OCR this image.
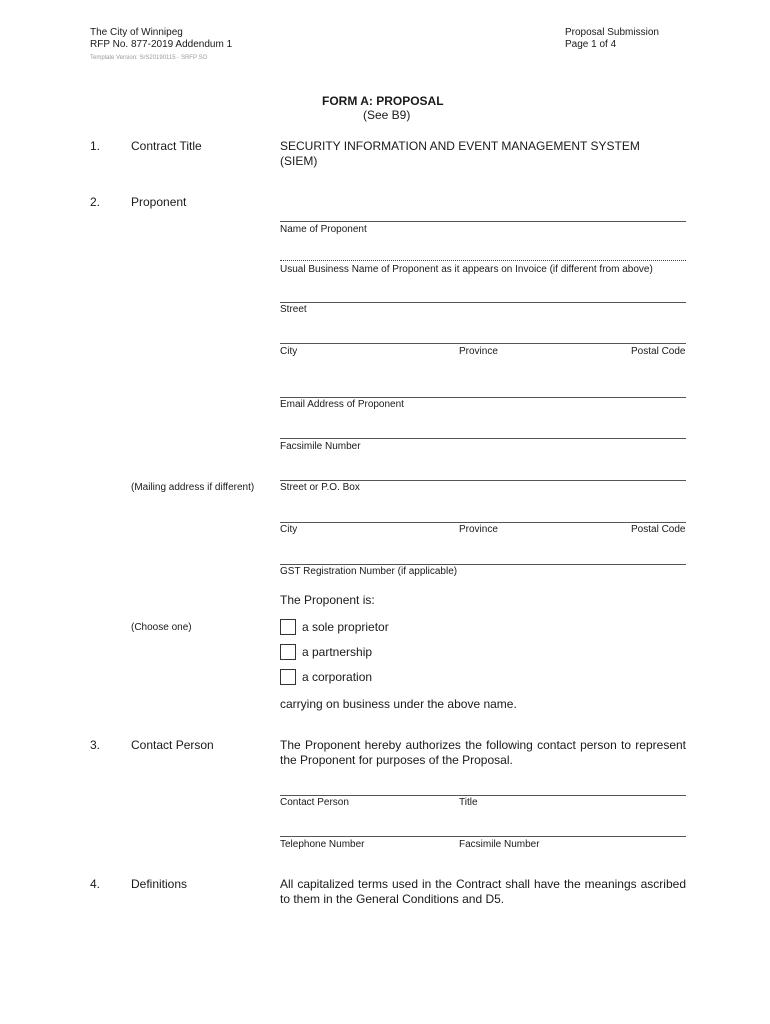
The City of Winnipeg
RFP No. 877-2019 Addendum 1
Template Version: SrS20190115 - SRFP SO
Proposal Submission
Page 1 of 4
FORM A: PROPOSAL
(See B9)
1.	Contract Title	SECURITY INFORMATION AND EVENT MANAGEMENT SYSTEM
(SIEM)
2.	Proponent
Name of Proponent
Usual Business Name of Proponent as it appears on Invoice (if different from above)
Street
City	Province	Postal Code
Email Address of Proponent
Facsimile Number
(Mailing address if different)	Street or P.O. Box
City	Province	Postal Code
GST Registration Number (if applicable)
The Proponent is:
(Choose one)	a sole proprietor
a partnership
a corporation
carrying on business under the above name.
3.	Contact Person	The Proponent hereby authorizes the following contact person to represent the Proponent for purposes of the Proposal.
Contact Person	Title
Telephone Number	Facsimile Number
4.	Definitions	All capitalized terms used in the Contract shall have the meanings ascribed to them in the General Conditions and D5.
